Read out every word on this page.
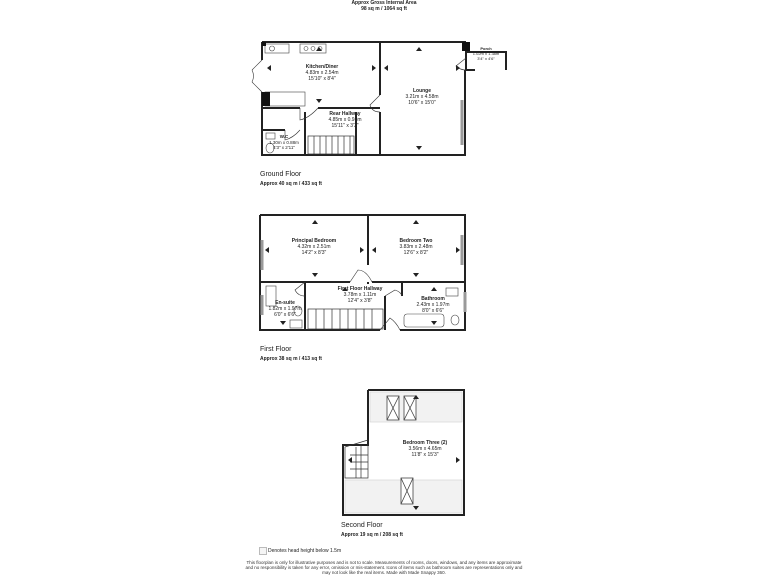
Approx Gross Internal Area
98 sq m / 1064 sq ft
Kitchen/Diner
4.83m x 2.54m
15'10" x 8'4"
Lounge
3.21m x 4.58m
10'6" x 15'0"
Porch
1.02m x 1.38m
3'4" x 4'6"
Rear Hallway
4.85m x 0.98m
15'11" x 3'3"
W.C
1.30m x 0.88m
4'3" x 2'11"
Ground Floor
Approx 40 sq m / 433 sq ft
Principal Bedroom
4.32m x 2.51m
14'2" x 8'3"
Bedroom Two
3.83m x 2.48m
12'6" x 8'2"
First Floor Hallway
3.78m x 1.11m
12'4" x 3'8"
En-suite
1.82m x 1.97m
6'0" x 6'6"
Bathroom
2.43m x 1.97m
8'0" x 6'6"
First Floor
Approx 38 sq m / 413 sq ft
Bedroom Three (2)
3.56m x 4.65m
11'8" x 15'3"
Second Floor
Approx 19 sq m / 208 sq ft
Denotes head height below 1.5m
This floorplan is only for illustrative purposes and is not to scale. Measurements of rooms, doors, windows, and any items are approximate
and no responsibility is taken for any error, omission or mis-statement. Icons of items such as bathroom suites are representations only and
may not look like the real items. Made with Made Snappy 360.
